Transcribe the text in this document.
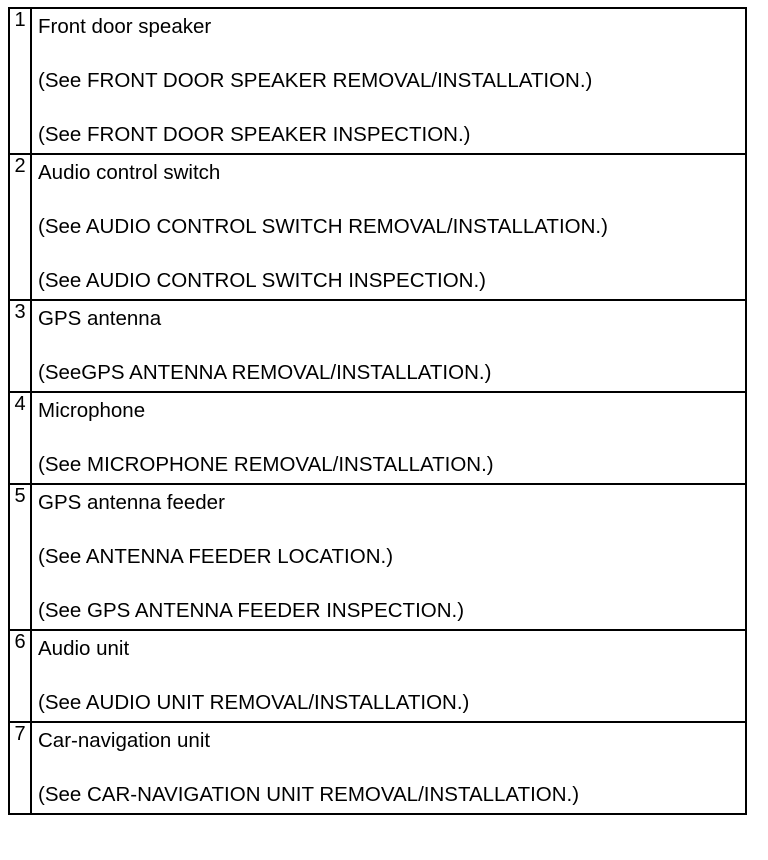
1	Front door speaker
(See FRONT DOOR SPEAKER REMOVAL/INSTALLATION.)
(See FRONT DOOR SPEAKER INSPECTION.)

2	Audio control switch
(See AUDIO CONTROL SWITCH REMOVAL/INSTALLATION.)
(See AUDIO CONTROL SWITCH INSPECTION.)

3	GPS antenna
(SeeGPS ANTENNA REMOVAL/INSTALLATION.)

4	Microphone
(See MICROPHONE REMOVAL/INSTALLATION.)

5	GPS antenna feeder
(See ANTENNA FEEDER LOCATION.)
(See GPS ANTENNA FEEDER INSPECTION.)

6	Audio unit
(See AUDIO UNIT REMOVAL/INSTALLATION.)

7	Car-navigation unit
(See CAR-NAVIGATION UNIT REMOVAL/INSTALLATION.)
